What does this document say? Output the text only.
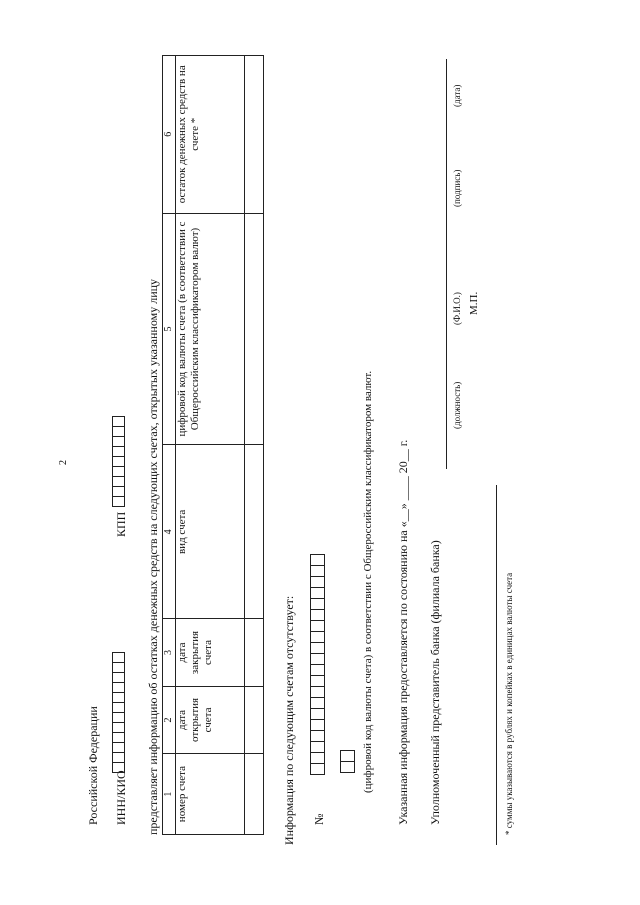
2
Российской Федерации ИНН/КИО
КПП представляет информацию об остатках денежных средств на следующих счетах, открытых указанному лицу 1	2	3	4	5	6
номер счета	дата открытия счета	дата закрытия счета	вид счета	цифровой код валюты счета (в соответствии с Общероссийским классификатором валют)	остаток денежных средств на счете *

Информация по следующим счетам отсутствует: №
(цифровой код валюты счета) в соответствии с Общероссийским классификатором валют. Указанная информация предоставляется по состоянию на «__» ____ 20__ г. Уполномоченный представитель банка (филиала банка)
(должность)
(Ф.И.О.)
(подпись)
(дата)
М.П.
* суммы указываются в рублях и копейках в единицах валюты счета
